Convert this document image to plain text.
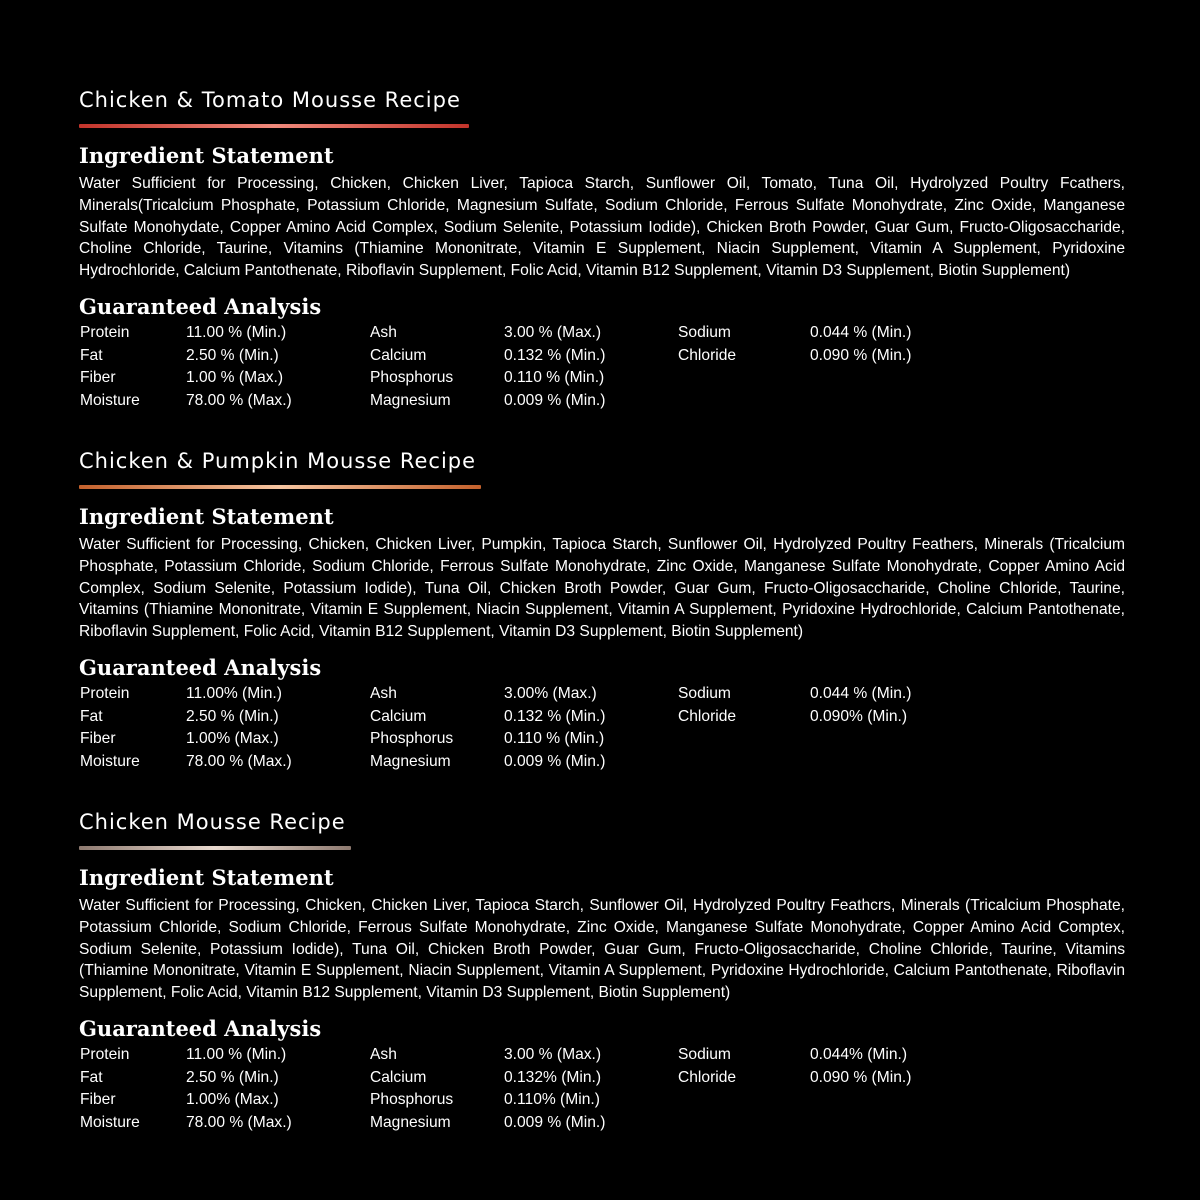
Chicken & Tomato Mousse Recipe
Ingredient Statement

Water Sufficient for Processing, Chicken, Chicken Liver, Tapioca Starch, Sunflower Oil, Tomato, Tuna Oil, Hydrolyzed Poultry Fcathers, Minerals(Tricalcium Phosphate, Potassium Chloride, Magnesium Sulfate, Sodium Chloride, Ferrous Sulfate Monohydrate, Zinc Oxide, Manganese Sulfate Monohydate, Copper Amino Acid Complex, Sodium Selenite, Potassium Iodide), Chicken Broth Powder, Guar Gum, Fructo-Oligosaccharide, Choline Chloride, Taurine, Vitamins (Thiamine Mononitrate, Vitamin E Supplement, Niacin Supplement, Vitamin A Supplement, Pyridoxine Hydrochloride, Calcium Pantothenate, Riboflavin Supplement, Folic Acid, Vitamin B12 Supplement, Vitamin D3 Supplement, Biotin Supplement)

Guaranteed Analysis
Protein
Fat
Fiber
Moisture
11.00 % (Min.)
2.50 % (Min.)
1.00 % (Max.)
78.00 % (Max.)
Ash
Calcium
Phosphorus
Magnesium
3.00 % (Max.)
0.132 % (Min.)
0.110 % (Min.)
0.009 % (Min.)
Sodium
Chloride
0.044 % (Min.)
0.090 % (Min.)
Chicken & Pumpkin Mousse Recipe
Ingredient Statement

Water Sufficient for Processing, Chicken, Chicken Liver, Pumpkin, Tapioca Starch, Sunflower Oil, Hydrolyzed Poultry Feathers, Minerals (Tricalcium Phosphate, Potassium Chloride, Sodium Chloride, Ferrous Sulfate Monohydrate, Zinc Oxide, Manganese Sulfate Monohydrate, Copper Amino Acid Complex, Sodium Selenite, Potassium Iodide), Tuna Oil, Chicken Broth Powder, Guar Gum, Fructo-Oligosaccharide, Choline Chloride, Taurine, Vitamins (Thiamine Mononitrate, Vitamin E Supplement, Niacin Supplement, Vitamin A Supplement, Pyridoxine Hydrochloride, Calcium Pantothenate, Riboflavin Supplement, Folic Acid, Vitamin B12 Supplement, Vitamin D3 Supplement, Biotin Supplement)

Guaranteed Analysis
Protein
Fat
Fiber
Moisture
11.00% (Min.)
2.50 % (Min.)
1.00% (Max.)
78.00 % (Max.)
Ash
Calcium
Phosphorus
Magnesium
3.00% (Max.)
0.132 % (Min.)
0.110 % (Min.)
0.009 % (Min.)
Sodium
Chloride
0.044 % (Min.)
0.090% (Min.)
Chicken Mousse Recipe
Ingredient Statement

Water Sufficient for Processing, Chicken, Chicken Liver, Tapioca Starch, Sunflower Oil, Hydrolyzed Poultry Feathcrs, Minerals (Tricalcium Phosphate, Potassium Chloride, Sodium Chloride, Ferrous Sulfate Monohydrate, Zinc Oxide, Manganese Sulfate Monohydrate, Copper Amino Acid Comptex, Sodium Selenite, Potassium Iodide), Tuna Oil, Chicken Broth Powder, Guar Gum, Fructo-Oligosaccharide, Choline Chloride, Taurine, Vitamins (Thiamine Mononitrate, Vitamin E Supplement, Niacin Supplement, Vitamin A Supplement, Pyridoxine Hydrochloride, Calcium Pantothenate, Riboflavin Supplement, Folic Acid, Vitamin B12 Supplement, Vitamin D3 Supplement, Biotin Supplement)

Guaranteed Analysis
Protein
Fat
Fiber
Moisture
11.00 % (Min.)
2.50 % (Min.)
1.00% (Max.)
78.00 % (Max.)
Ash
Calcium
Phosphorus
Magnesium
3.00 % (Max.)
0.132% (Min.)
0.110% (Min.)
0.009 % (Min.)
Sodium
Chloride
0.044% (Min.)
0.090 % (Min.)
